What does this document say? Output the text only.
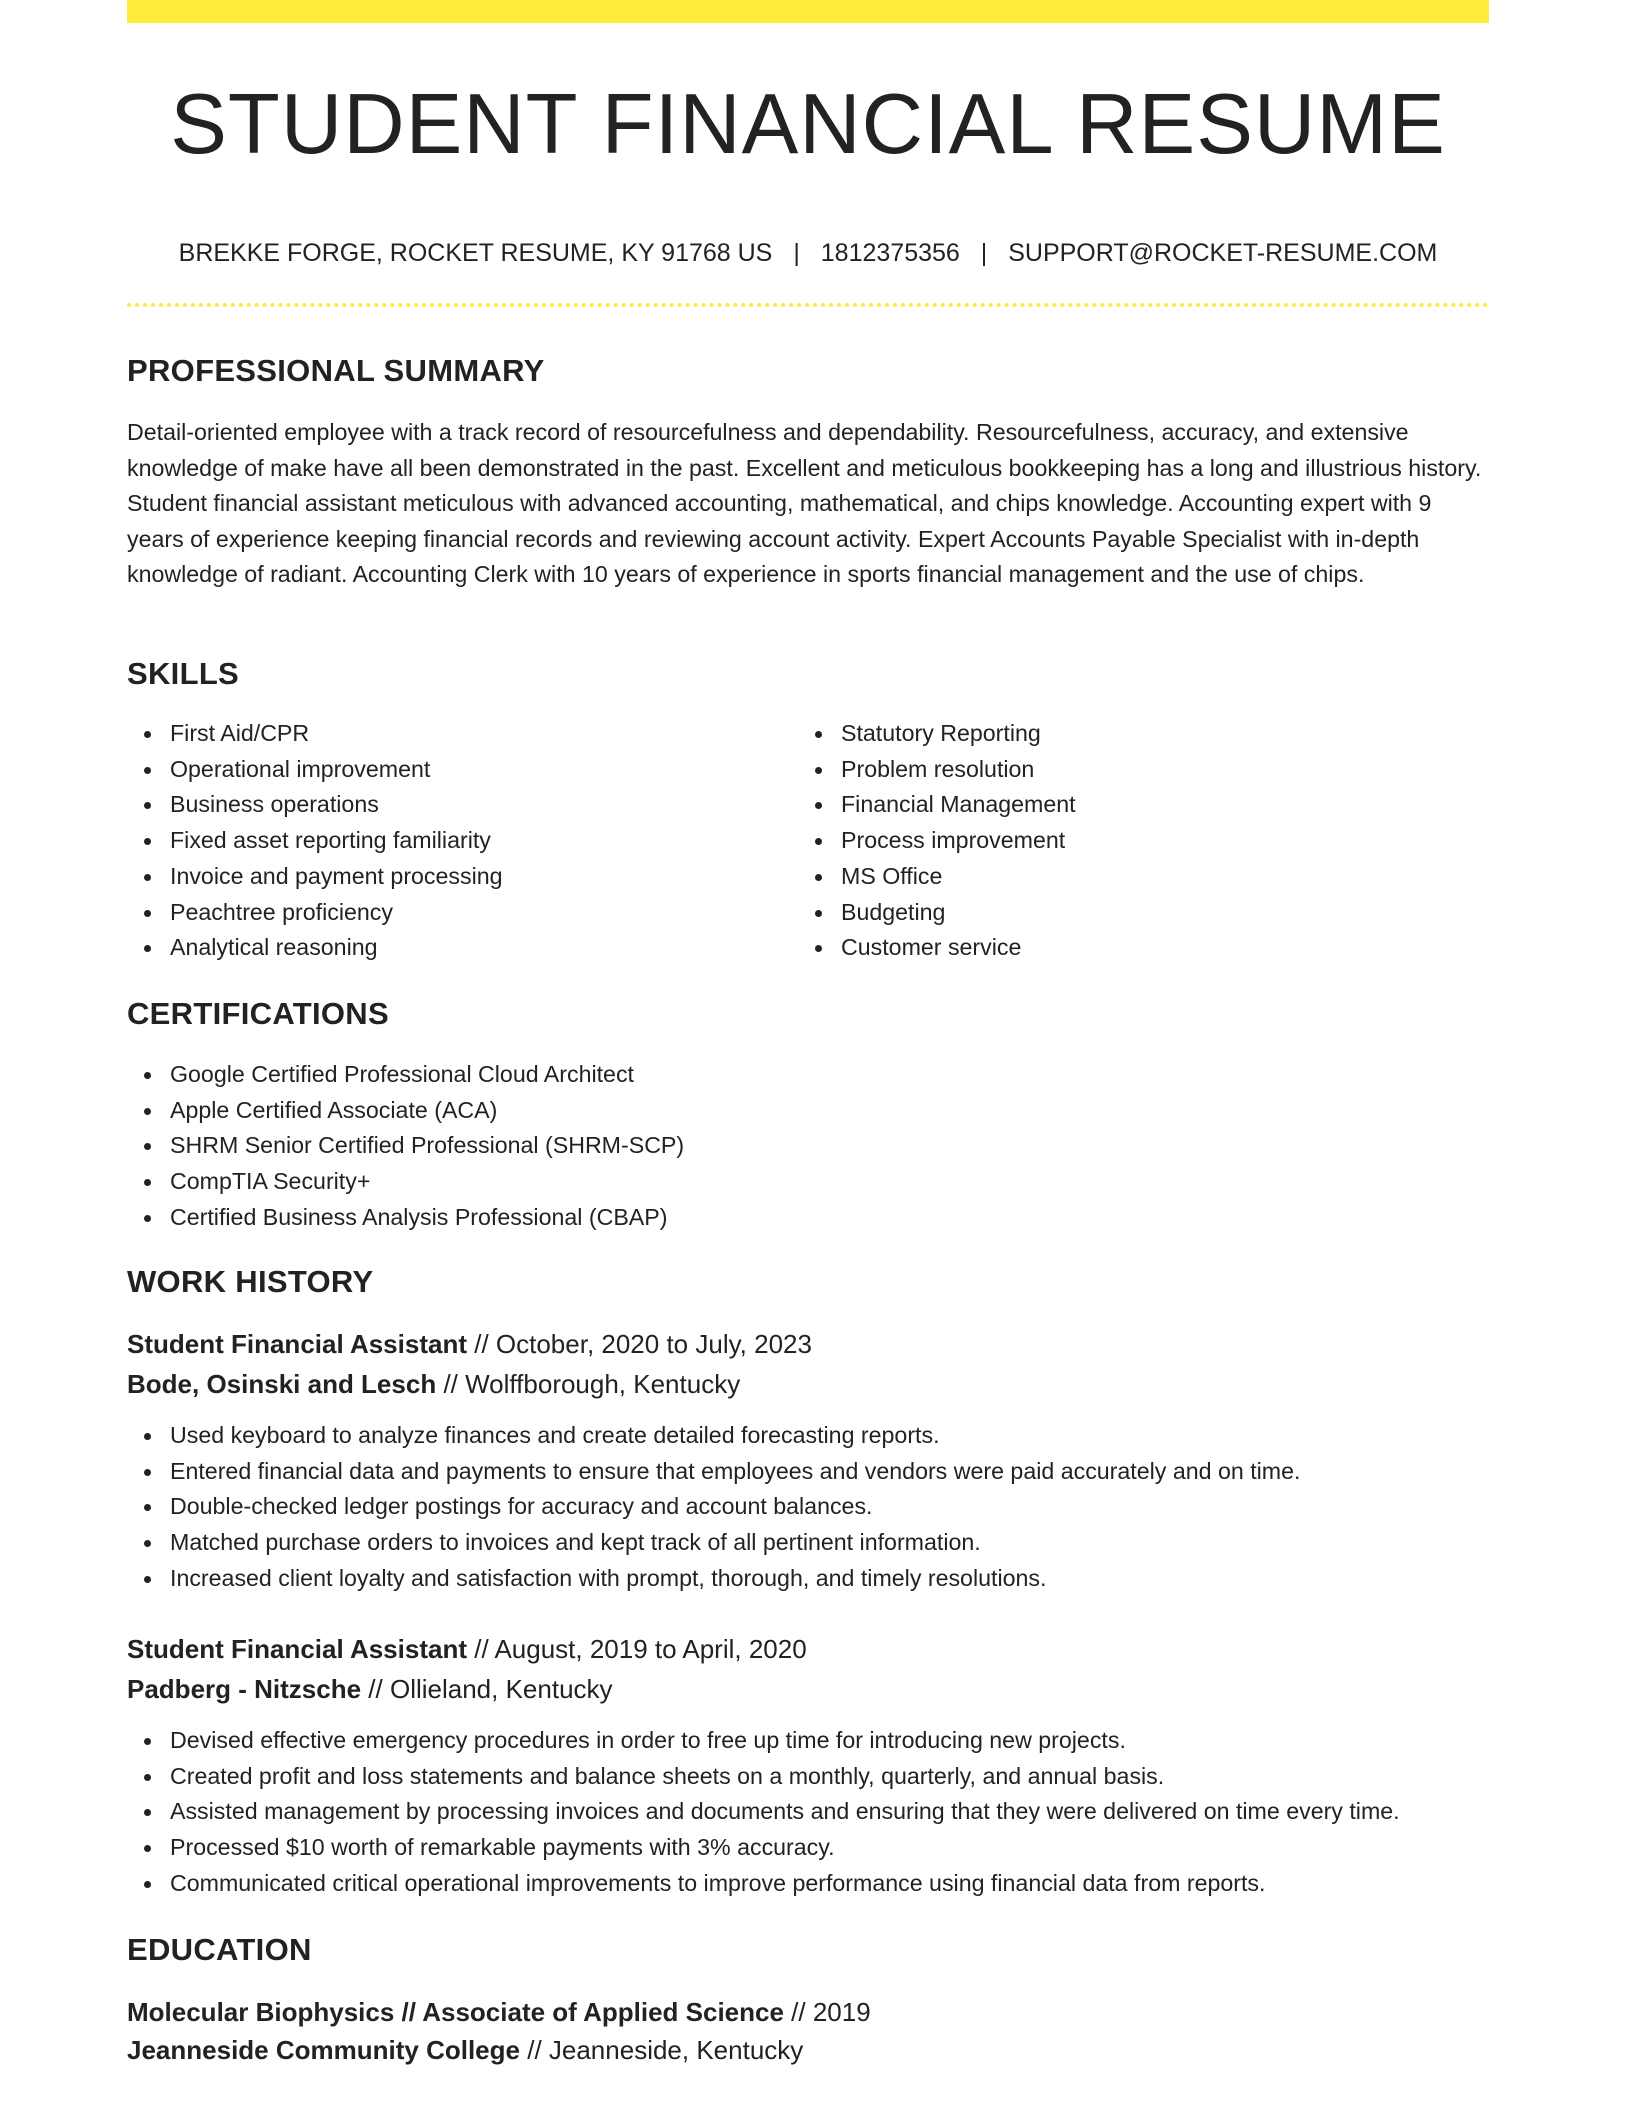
STUDENT FINANCIAL RESUME
BREKKE FORGE, ROCKET RESUME, KY 91768 US | 1812375356 | SUPPORT@ROCKET-RESUME.COM
PROFESSIONAL SUMMARY

Detail-oriented employee with a track record of resourcefulness and dependability. Resourcefulness, accuracy, and extensive knowledge of make have all been demonstrated in the past. Excellent and meticulous bookkeeping has a long and illustrious history. Student financial assistant meticulous with advanced accounting, mathematical, and chips knowledge. Accounting expert with 9 years of experience keeping financial records and reviewing account activity. Expert Accounts Payable Specialist with in-depth knowledge of radiant. Accounting Clerk with 10 years of experience in sports financial management and the use of chips.

SKILLS
First Aid/CPR
Operational improvement
Business operations
Fixed asset reporting familiarity
Invoice and payment processing
Peachtree proficiency
Analytical reasoning
Statutory Reporting
Problem resolution
Financial Management
Process improvement
MS Office
Budgeting
Customer service
CERTIFICATIONS
Google Certified Professional Cloud Architect
Apple Certified Associate (ACA)
SHRM Senior Certified Professional (SHRM-SCP)
CompTIA Security+
Certified Business Analysis Professional (CBAP)
WORK HISTORY
Student Financial Assistant // October, 2020 to July, 2023
Bode, Osinski and Lesch // Wolffborough, Kentucky
Used keyboard to analyze finances and create detailed forecasting reports.
Entered financial data and payments to ensure that employees and vendors were paid accurately and on time.
Double-checked ledger postings for accuracy and account balances.
Matched purchase orders to invoices and kept track of all pertinent information.
Increased client loyalty and satisfaction with prompt, thorough, and timely resolutions.
Student Financial Assistant // August, 2019 to April, 2020
Padberg - Nitzsche // Ollieland, Kentucky
Devised effective emergency procedures in order to free up time for introducing new projects.
Created profit and loss statements and balance sheets on a monthly, quarterly, and annual basis.
Assisted management by processing invoices and documents and ensuring that they were delivered on time every time.
Processed $10 worth of remarkable payments with 3% accuracy.
Communicated critical operational improvements to improve performance using financial data from reports.
EDUCATION
Molecular Biophysics // Associate of Applied Science // 2019
Jeanneside Community College // Jeanneside, Kentucky
